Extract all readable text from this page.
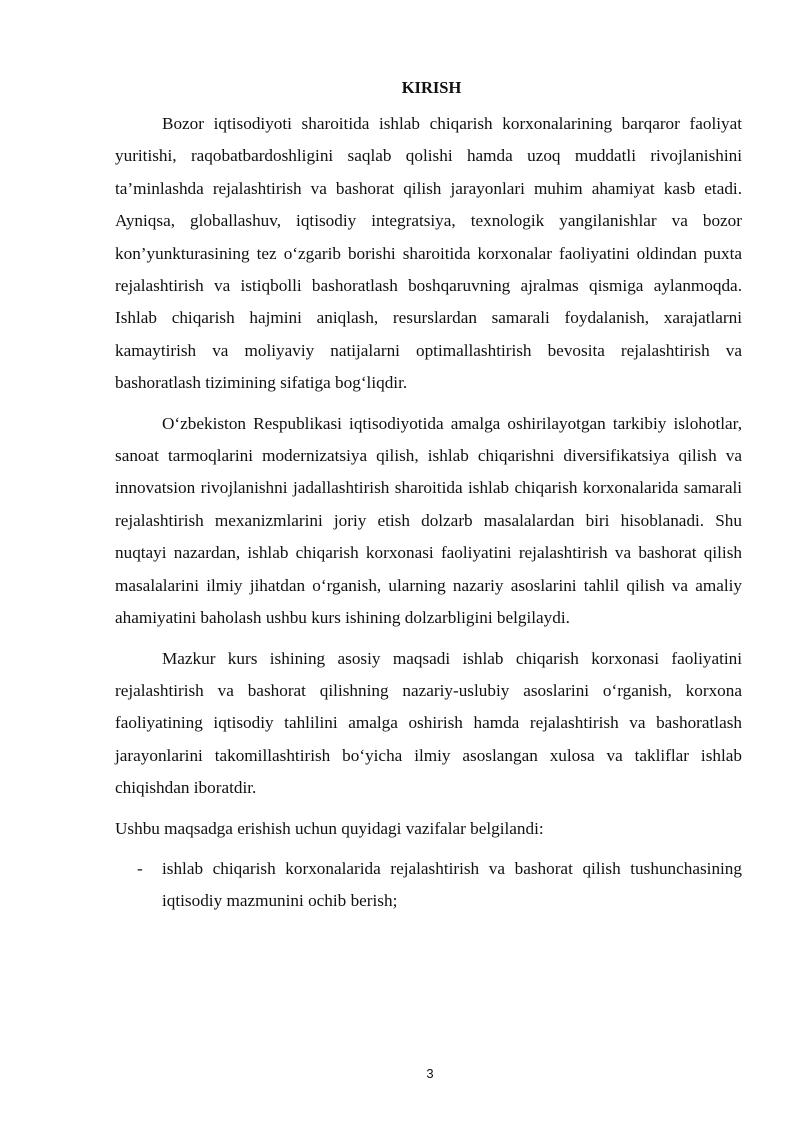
KIRISH

Bozor iqtisodiyoti sharoitida ishlab chiqarish korxonalarining barqaror faoliyat yuritishi, raqobatbardoshligini saqlab qolishi hamda uzoq muddatli rivojlanishini ta’minlashda rejalashtirish va bashorat qilish jarayonlari muhim ahamiyat kasb etadi. Ayniqsa, globallashuv, iqtisodiy integratsiya, texnologik yangilanishlar va bozor kon’yunkturasining tez o‘zgarib borishi sharoitida korxonalar faoliyatini oldindan puxta rejalashtirish va istiqbolli bashoratlash boshqaruvning ajralmas qismiga aylanmoqda. Ishlab chiqarish hajmini aniqlash, resurslardan samarali foydalanish, xarajatlarni kamaytirish va moliyaviy natijalarni optimallashtirish bevosita rejalashtirish va bashoratlash tizimining sifatiga bog‘liqdir.

O‘zbekiston Respublikasi iqtisodiyotida amalga oshirilayotgan tarkibiy islohotlar, sanoat tarmoqlarini modernizatsiya qilish, ishlab chiqarishni diversifikatsiya qilish va innovatsion rivojlanishni jadallashtirish sharoitida ishlab chiqarish korxonalarida samarali rejalashtirish mexanizmlarini joriy etish dolzarb masalalardan biri hisoblanadi. Shu nuqtayi nazardan, ishlab chiqarish korxonasi faoliyatini rejalashtirish va bashorat qilish masalalarini ilmiy jihatdan o‘rganish, ularning nazariy asoslarini tahlil qilish va amaliy ahamiyatini baholash ushbu kurs ishining dolzarbligini belgilaydi.

Mazkur kurs ishining asosiy maqsadi ishlab chiqarish korxonasi faoliyatini rejalashtirish va bashorat qilishning nazariy-uslubiy asoslarini o‘rganish, korxona faoliyatining iqtisodiy tahlilini amalga oshirish hamda rejalashtirish va bashoratlash jarayonlarini takomillashtirish bo‘yicha ilmiy asoslangan xulosa va takliflar ishlab chiqishdan iboratdir.

Ushbu maqsadga erishish uchun quyidagi vazifalar belgilandi:

- ishlab chiqarish korxonalarida rejalashtirish va bashorat qilish tushunchasining iqtisodiy mazmunini ochib berish;
3
